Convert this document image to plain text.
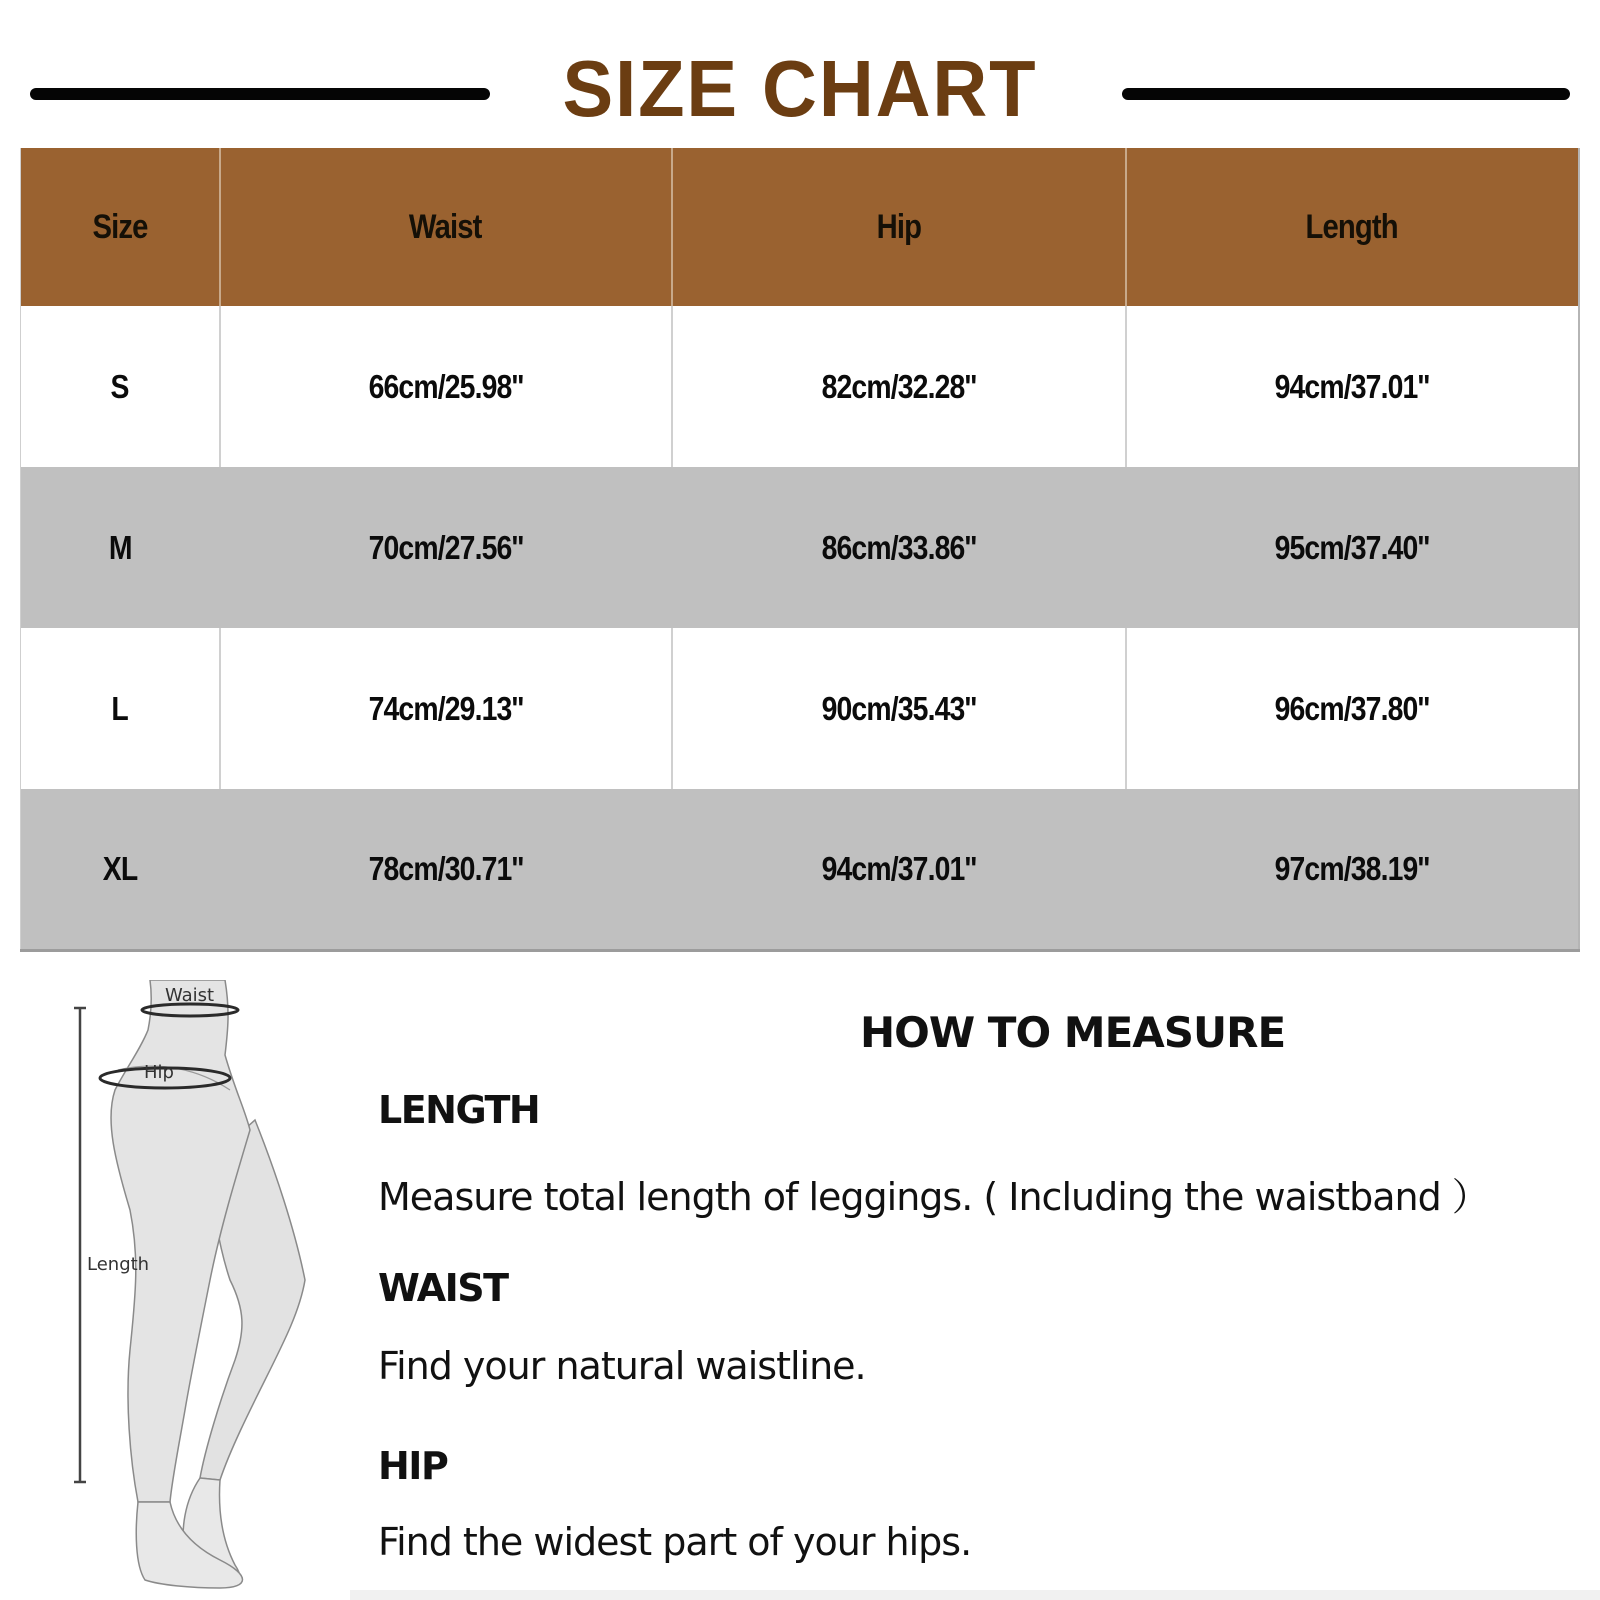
SIZE CHART
Size	Waist	Hip	Length
S	66cm/25.98''	82cm/32.28''	94cm/37.01''
M	70cm/27.56''	86cm/33.86''	95cm/37.40''
L	74cm/29.13''	90cm/35.43''	96cm/37.80''
XL	78cm/30.71''	94cm/37.01''	97cm/38.19''
Waist
Hip
Length
HOW TO MEASURE
LENGTH
Measure total length of leggings. ( Including the waistband ）
WAIST
Find your natural waistline.
HIP
Find the widest part of your hips.
